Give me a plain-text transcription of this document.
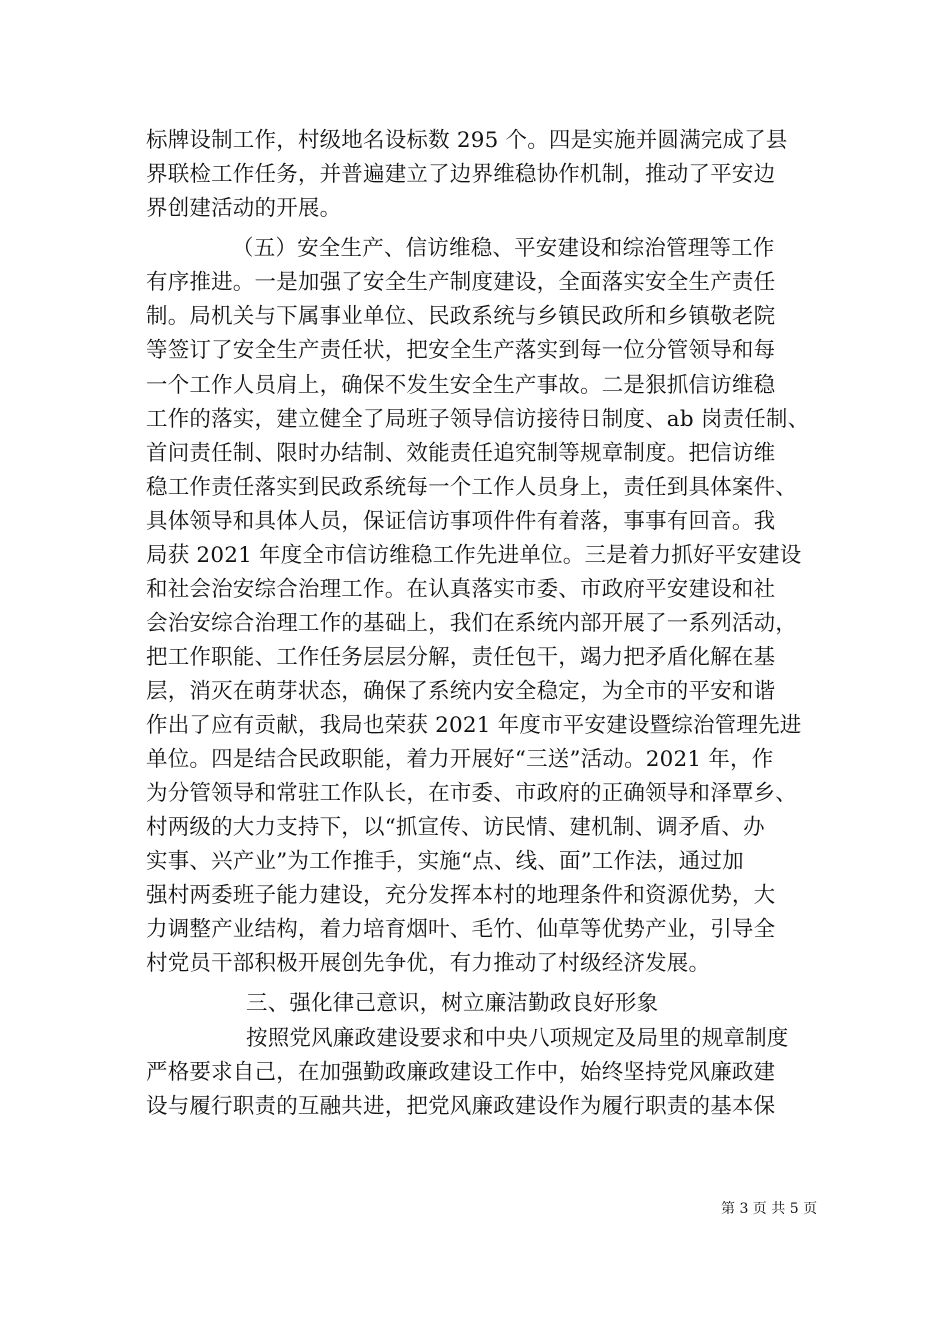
标牌设制工作，村级地名设标数 295 个。四是实施并圆满完成了县
界联检工作任务，并普遍建立了边界维稳协作机制，推动了平安边
界创建活动的开展。
（五）安全生产、信访维稳、平安建设和综治管理等工作
有序推进。一是加强了安全生产制度建设，全面落实安全生产责任
制。局机关与下属事业单位、民政系统与乡镇民政所和乡镇敬老院
等签订了安全生产责任状，把安全生产落实到每一位分管领导和每
一个工作人员肩上，确保不发生安全生产事故。二是狠抓信访维稳
工作的落实，建立健全了局班子领导信访接待日制度、ab 岗责任制、
首问责任制、限时办结制、效能责任追究制等规章制度。把信访维
稳工作责任落实到民政系统每一个工作人员身上，责任到具体案件、
具体领导和具体人员，保证信访事项件件有着落，事事有回音。我
局获 2021 年度全市信访维稳工作先进单位。三是着力抓好平安建设
和社会治安综合治理工作。在认真落实市委、市政府平安建设和社
会治安综合治理工作的基础上，我们在系统内部开展了一系列活动，
把工作职能、工作任务层层分解，责任包干，竭力把矛盾化解在基
层，消灭在萌芽状态，确保了系统内安全稳定，为全市的平安和谐
作出了应有贡献，我局也荣获 2021 年度市平安建设暨综治管理先进
单位。四是结合民政职能，着力开展好“三送”活动。2021 年，作
为分管领导和常驻工作队长，在市委、市政府的正确领导和泽覃乡、
村两级的大力支持下，以“抓宣传、访民情、建机制、调矛盾、办
实事、兴产业”为工作推手，实施“点、线、面”工作法，通过加
强村两委班子能力建设，充分发挥本村的地理条件和资源优势，大
力调整产业结构，着力培育烟叶、毛竹、仙草等优势产业，引导全
村党员干部积极开展创先争优，有力推动了村级经济发展。
三、强化律己意识，树立廉洁勤政良好形象
按照党风廉政建设要求和中央八项规定及局里的规章制度
严格要求自己，在加强勤政廉政建设工作中，始终坚持党风廉政建
设与履行职责的互融共进，把党风廉政建设作为履行职责的基本保
第 3 页 共 5 页
